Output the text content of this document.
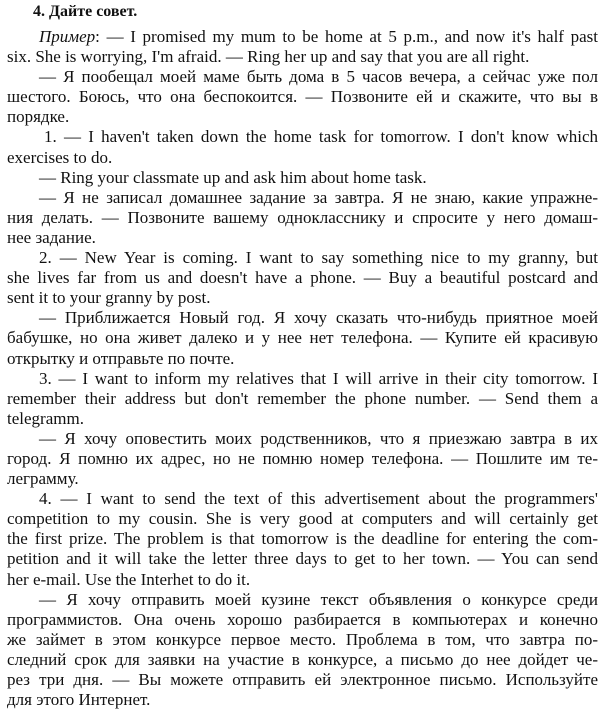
4. Дайте совет.
Пример: — I promised my mum to be home at 5 p.m., and now it's half past
six. She is worrying, I'm afraid. — Ring her up and say that you are all right.
— Я пообещал моей маме быть дома в 5 часов вечера, а сейчас уже пол
шестого. Боюсь, что она беспокоится. — Позвоните ей и скажите, что вы в
порядке.
1. — I haven't taken down the home task for tomorrow. I don't know which
exercises to do.
— Ring your classmate up and ask him about home task.
— Я не записал домашнее задание за завтра. Я не знаю, какие упражне-
ния делать. — Позвоните вашему однокласснику и спросите у него домаш-
нее задание.
2. — New Year is coming. I want to say something nice to my granny, but
she lives far from us and doesn't have a phone. — Buy a beautiful postcard and
sent it to your granny by post.
— Приближается Новый год. Я хочу сказать что-нибудь приятное моей
бабушке, но она живет далеко и у нее нет телефона. — Купите ей красивую
открытку и отправьте по почте.
3. — I want to inform my relatives that I will arrive in their city tomorrow. I
remember their address but don't remember the phone number. — Send them a
telegramm.
— Я хочу оповестить моих родственников, что я приезжаю завтра в их
город. Я помню их адрес, но не помню номер телефона. — Пошлите им те-
леграмму.
4. — I want to send the text of this advertisement about the programmers'
competition to my cousin. She is very good at computers and will certainly get
the first prize. The problem is that tomorrow is the deadline for entering the com-
petition and it will take the letter three days to get to her town. — You can send
her e-mail. Use the Interhet to do it.
— Я хочу отправить моей кузине текст объявления о конкурсе среди
программистов. Она очень хорошо разбирается в компьютерах и конечно
же займет в этом конкурсе первое место. Проблема в том, что завтра по-
следний срок для заявки на участие в конкурсе, а письмо до нее дойдет че-
рез три дня. — Вы можете отправить ей электронное письмо. Используйте
для этого Интернет.
